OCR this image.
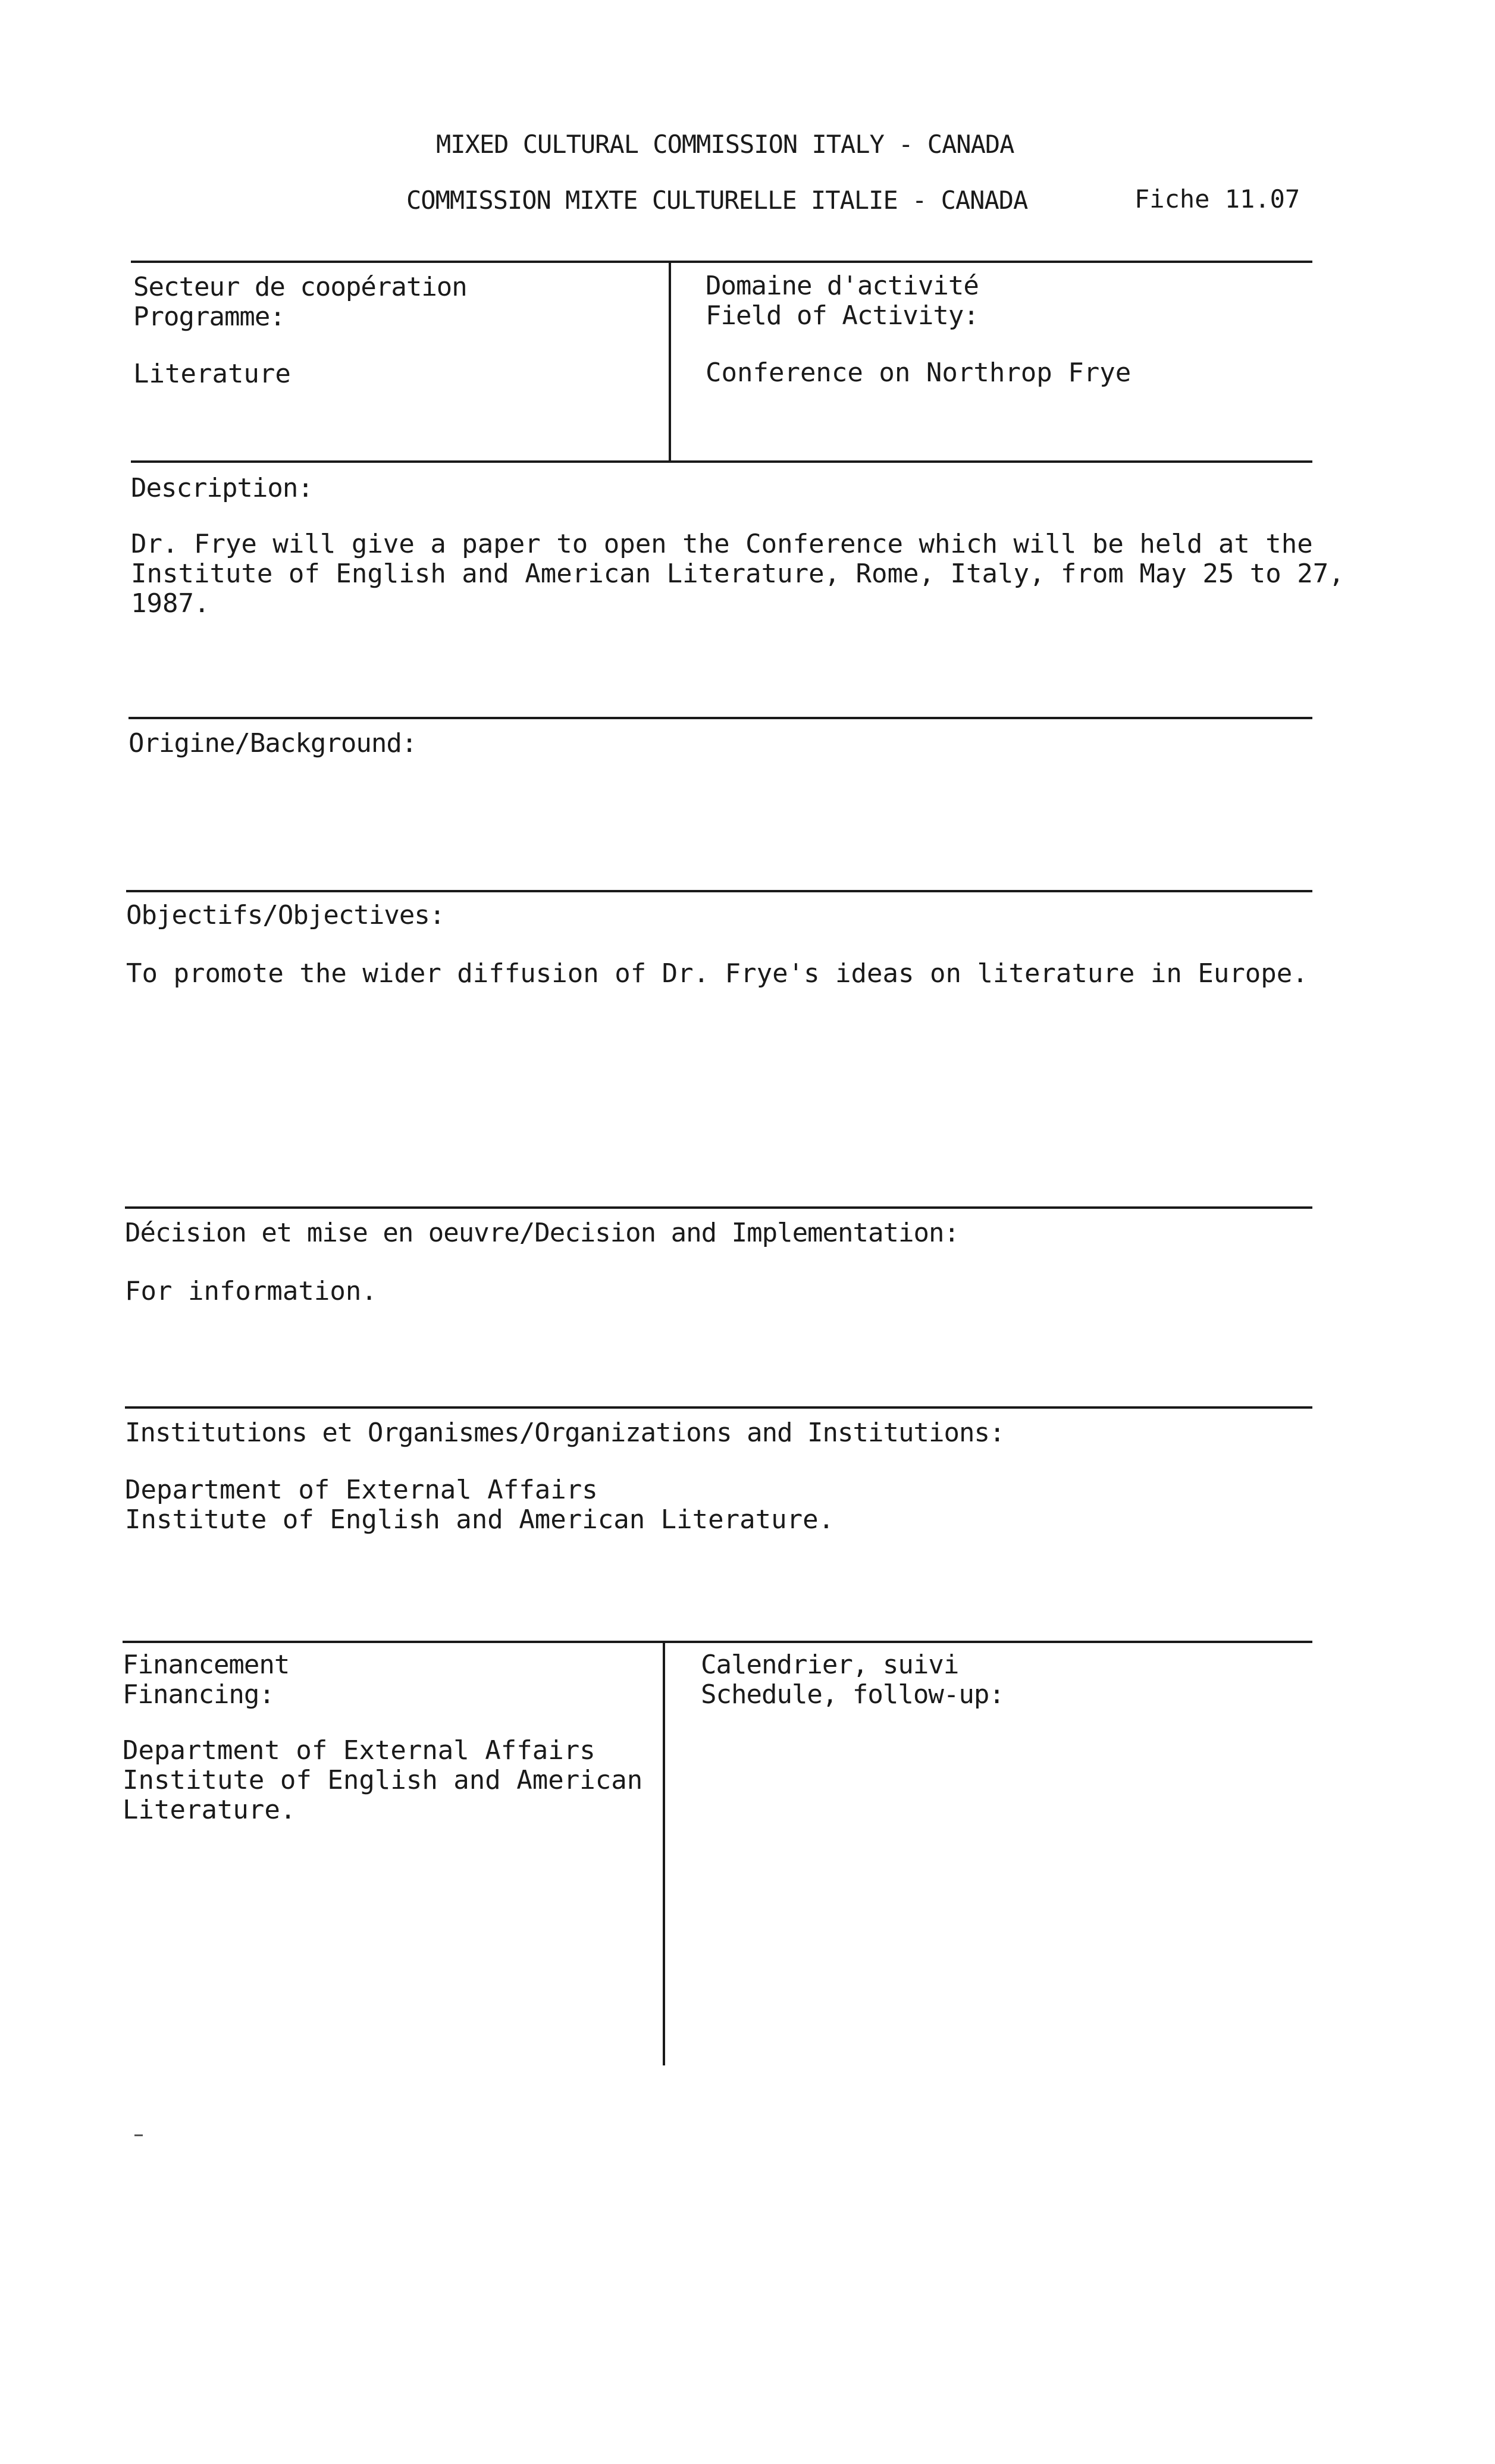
MIXED CULTURAL COMMISSION ITALY - CANADA
COMMISSION MIXTE CULTURELLE ITALIE - CANADA	Fiche 11.07
Secteur de coopération
Programme:
Literature
Domaine d'activité
Field of Activity:
Conference on Northrop Frye
Description:
Dr. Frye will give a paper to open the Conference which will be held at the
Institute of English and American Literature, Rome, Italy, from May 25 to 27,
1987.
Origine/Background:
Objectifs/Objectives:
To promote the wider diffusion of Dr. Frye's ideas on literature in Europe.
Décision et mise en oeuvre/Decision and Implementation:
For information.
Institutions et Organismes/Organizations and Institutions:
Department of External Affairs
Institute of English and American Literature.
Financement
Financing:
Department of External Affairs
Institute of English and American
Literature.
Calendrier, suivi
Schedule, follow-up:
